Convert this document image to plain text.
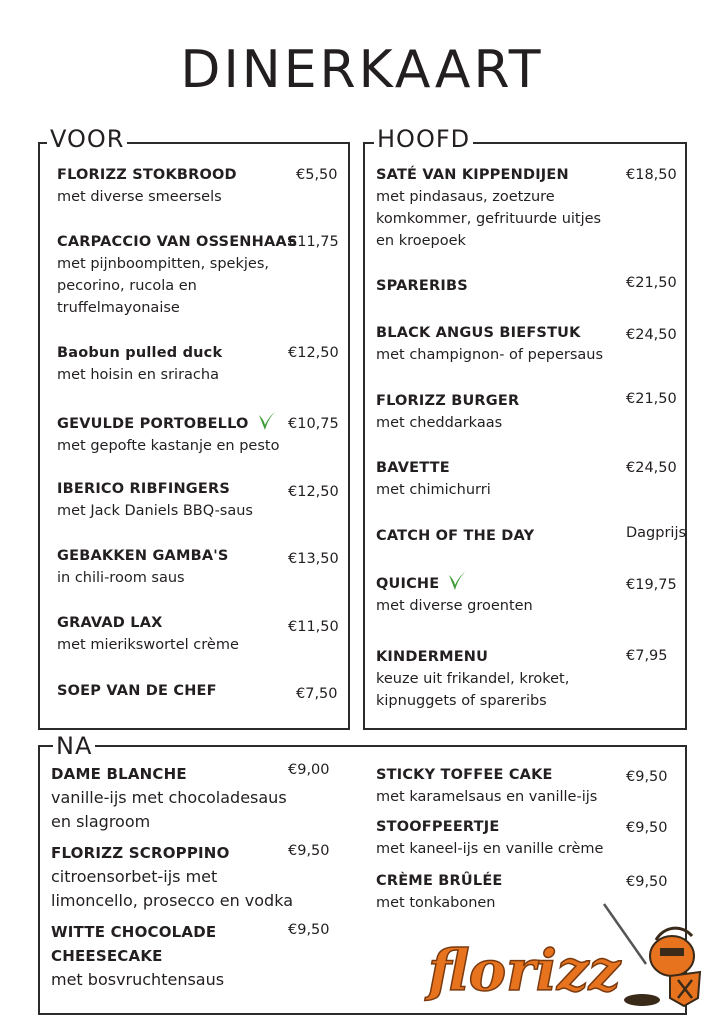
DINERKAART
VOOR	HOOFD
NA
FLORIZZ STOKBROOD
met diverse smeersels
€5,50
CARPACCIO VAN OSSENHAAS
met pijnboompitten, spekjes,
pecorino, rucola en
truffelmayonaise
€11,75
Baobun pulled duck
met hoisin en sriracha
€12,50
GEVULDE PORTOBELLO
met gepofte kastanje en pesto
€10,75
IBERICO RIBFINGERS
met Jack Daniels BBQ-saus
€12,50
GEBAKKEN GAMBA'S
in chili-room saus
€13,50
GRAVAD LAX
met mierikswortel crème
€11,50
SOEP VAN DE CHEF	€7,50
SATÉ VAN KIPPENDIJEN
met pindasaus, zoetzure
komkommer, gefrituurde uitjes
en kroepoek
€18,50
SPARERIBS	€21,50
BLACK ANGUS BIEFSTUK
met champignon- of pepersaus
€24,50
FLORIZZ BURGER
met cheddarkaas
€21,50
BAVETTE
met chimichurri
€24,50
CATCH OF THE DAY	Dagprijs
QUICHE
met diverse groenten
€19,75
KINDERMENU
keuze uit frikandel, kroket,
kipnuggets of spareribs
€7,95
DAME BLANCHE
vanille-ijs met chocoladesaus
en slagroom
€9,00
FLORIZZ SCROPPINO
citroensorbet-ijs met
limoncello, prosecco en vodka
€9,50
WITTE CHOCOLADE
CHEESECAKE
met bosvruchtensaus
€9,50
STICKY TOFFEE CAKE
met karamelsaus en vanille-ijs
€9,50
STOOFPEERTJE
met kaneel-ijs en vanille crème
€9,50
CRÈME BRÛLÉE
met tonkabonen
€9,50
florizz
